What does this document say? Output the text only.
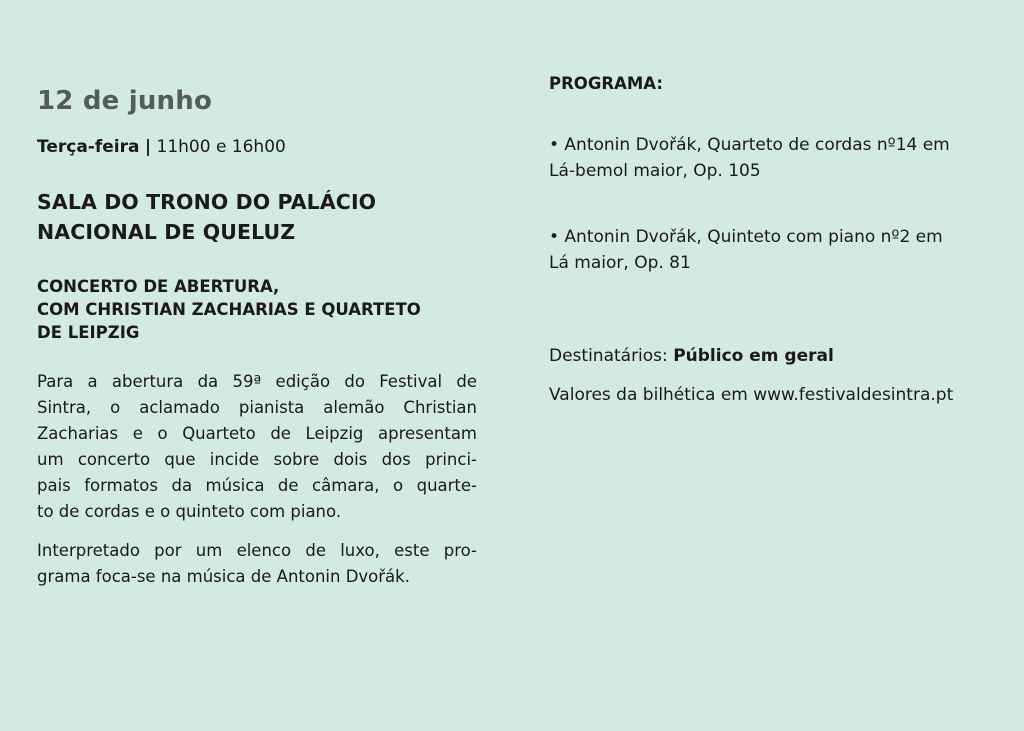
12 de junho
Terça-feira | 11h00 e 16h00
SALA DO TRONO DO PALÁCIO
NACIONAL DE QUELUZ
CONCERTO DE ABERTURA,
COM CHRISTIAN ZACHARIAS E QUARTETO
DE LEIPZIG
Para a abertura da 59ª edição do Festival de
Sintra, o aclamado pianista alemão Christian
Zacharias e o Quarteto de Leipzig apresentam
um concerto que incide sobre dois dos princi-
pais formatos da música de câmara, o quarte-
to de cordas e o quinteto com piano.
Interpretado por um elenco de luxo, este pro-
grama foca-se na música de Antonin Dvořák.
PROGRAMA:
• Antonin Dvořák, Quarteto de cordas nº14 em
Lá-bemol maior, Op. 105
• Antonin Dvořák, Quinteto com piano nº2 em
Lá maior, Op. 81
Destinatários: Público em geral
Valores da bilhética em www.festivaldesintra.pt
